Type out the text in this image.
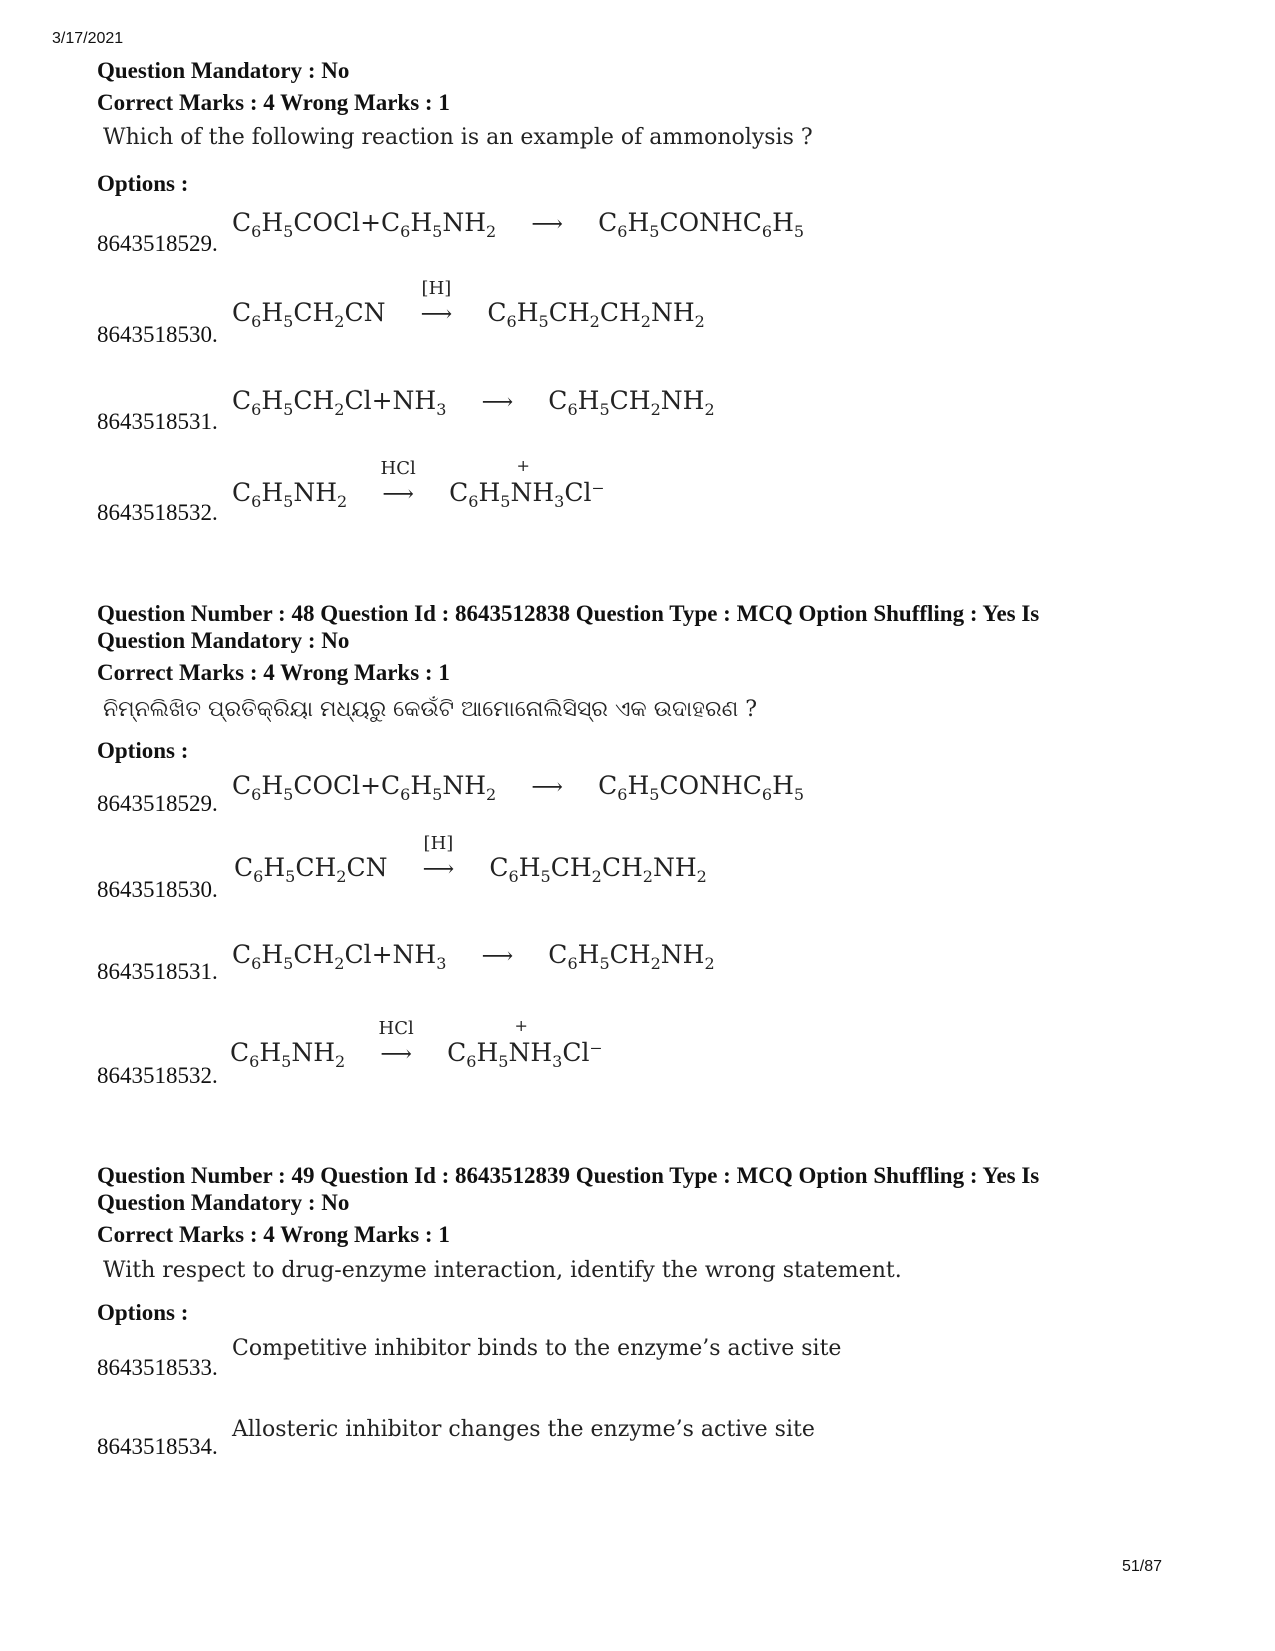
3/17/2021
51/87
Question Mandatory : No
Correct Marks : 4 Wrong Marks : 1
Which of the following reaction is an example of ammonolysis ?
Options :
8643518529.
$C_6H_5COCl+C_6H_5NH_2$ ⟶ $C_6H_5CONHC_6H_5$
8643518530.
$C_6H_5CH_2CN$
[H]
⟶ $C_6H_5CH_2CH_2NH_2$
8643518531.
$C_6H_5CH_2Cl+NH_3$ ⟶ $C_6H_5CH_2NH_2$
8643518532.
$C_6H_5NH_2$
HCl
⟶ $C_6H_5$
+
$NH_3Cl^-$
Question Number : 48 Question Id : 8643512838 Question Type : MCQ Option Shuffling : Yes Is
Question Mandatory : No
Correct Marks : 4 Wrong Marks : 1
ନିମ୍ନଲିଖିତ ପ୍ରତିକ୍ରିୟା ମଧ୍ୟରୁ କେଉଁଟି ଆମୋନୋଲିସିସ୍‌ର ଏକ ଉଦାହରଣ ?
Options :
8643518529.
$C_6H_5COCl+C_6H_5NH_2$ ⟶ $C_6H_5CONHC_6H_5$
8643518530.
$C_6H_5CH_2CN$
[H]
⟶ $C_6H_5CH_2CH_2NH_2$
8643518531.
$C_6H_5CH_2Cl+NH_3$ ⟶ $C_6H_5CH_2NH_2$
8643518532.
$C_6H_5NH_2$
HCl
⟶ $C_6H_5$
+
$NH_3Cl^-$
Question Number : 49 Question Id : 8643512839 Question Type : MCQ Option Shuffling : Yes Is
Question Mandatory : No
Correct Marks : 4 Wrong Marks : 1
With respect to drug-enzyme interaction, identify the wrong statement.
Options :
8643518533.
Competitive inhibitor binds to the enzyme’s active site
8643518534.
Allosteric inhibitor changes the enzyme’s active site
